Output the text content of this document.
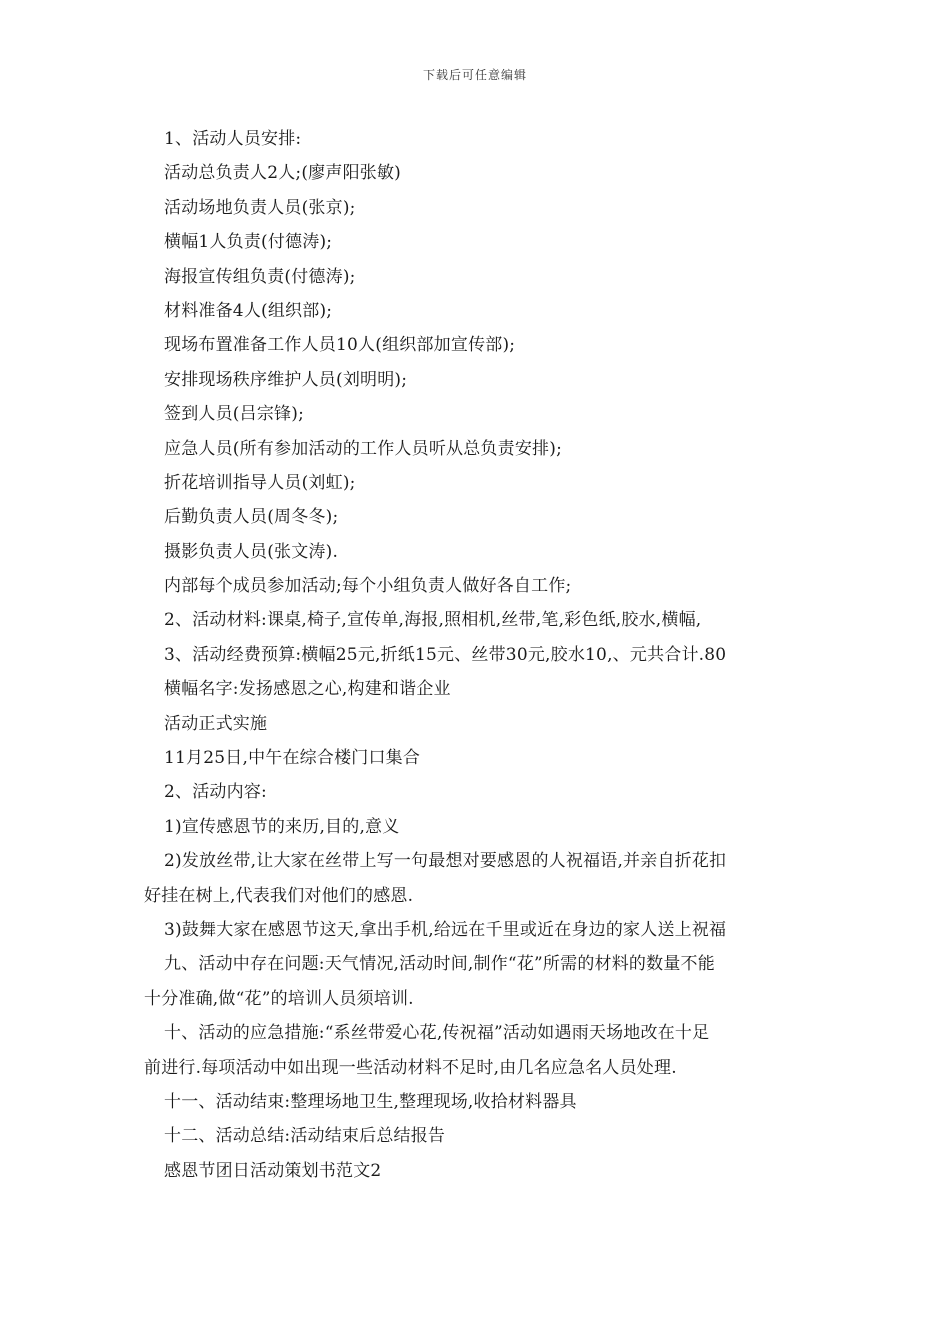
下载后可任意编辑
1、活动人员安排:
活动总负责人2人;(廖声阳张敏)
活动场地负责人员(张京);
横幅1人负责(付德涛);
海报宣传组负责(付德涛);
材料准备4人(组织部);
现场布置准备工作人员10人(组织部加宣传部);
安排现场秩序维护人员(刘明明);
签到人员(吕宗锋);
应急人员(所有参加活动的工作人员听从总负责安排);
折花培训指导人员(刘虹);
后勤负责人员(周冬冬);
摄影负责人员(张文涛).
内部每个成员参加活动;每个小组负责人做好各自工作;
2、活动材料:课桌,椅子,宣传单,海报,照相机,丝带,笔,彩色纸,胶水,横幅,
3、活动经费预算:横幅25元,折纸15元、丝带30元,胶水10,、元共合计.80
横幅名字:发扬感恩之心,构建和谐企业
活动正式实施
11月25日,中午在综合楼门口集合
2、活动内容:
1)宣传感恩节的来历,目的,意义
2)发放丝带,让大家在丝带上写一句最想对要感恩的人祝福语,并亲自折花扣
好挂在树上,代表我们对他们的感恩.
3)鼓舞大家在感恩节这天,拿出手机,给远在千里或近在身边的家人送上祝福
九、活动中存在问题:天气情况,活动时间,制作“花”所需的材料的数量不能
十分准确,做“花”的培训人员须培训.
十、活动的应急措施:“系丝带爱心花,传祝福”活动如遇雨天场地改在十足
前进行.每项活动中如出现一些活动材料不足时,由几名应急名人员处理.
十一、活动结束:整理场地卫生,整理现场,收拾材料器具
十二、活动总结:活动结束后总结报告
感恩节团日活动策划书范文2
